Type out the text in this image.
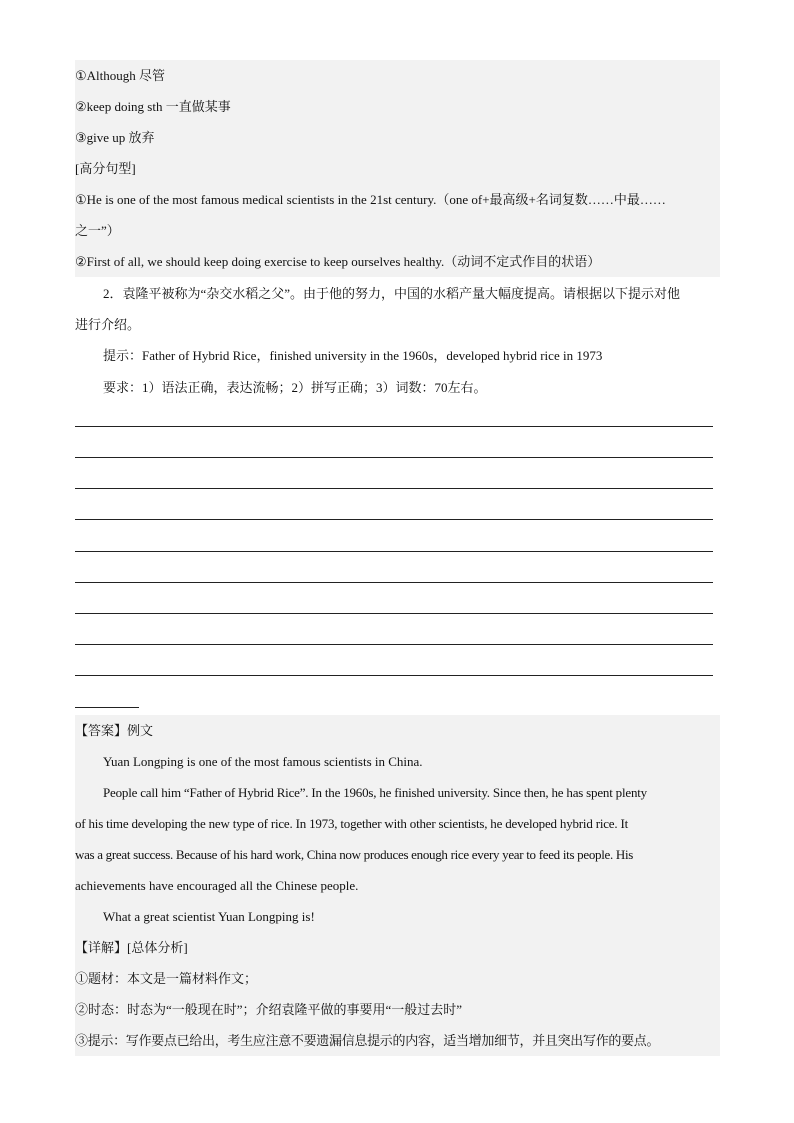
①Although 尽管
②keep doing sth 一直做某事
③give up 放弃
[高分句型]
①He is one of the most famous medical scientists in the 21st century.（one of+最高级+名词复数……中最……
之一”）
②First of all, we should keep doing exercise to keep ourselves healthy.（动词不定式作目的状语）
2．袁隆平被称为“杂交水稻之父”。由于他的努力，中国的水稻产量大幅度提高。请根据以下提示对他
进行介绍。
提示：Father of Hybrid Rice，finished university in the 1960s，developed hybrid rice in 1973
要求：1）语法正确，表达流畅；2）拼写正确；3）词数：70左右。
【答案】例文
Yuan Longping is one of the most famous scientists in China.
People call him “Father of Hybrid Rice”. In the 1960s, he finished university. Since then, he has spent plenty
of his time developing the new type of rice. In 1973, together with other scientists, he developed hybrid rice. It
was a great success. Because of his hard work, China now produces enough rice every year to feed its people. His
achievements have encouraged all the Chinese people.
What a great scientist Yuan Longping is!
【详解】[总体分析]
①题材：本文是一篇材料作文；
②时态：时态为“一般现在时”；介绍袁隆平做的事要用“一般过去时”
③提示：写作要点已给出，考生应注意不要遗漏信息提示的内容，适当增加细节，并且突出写作的要点。
